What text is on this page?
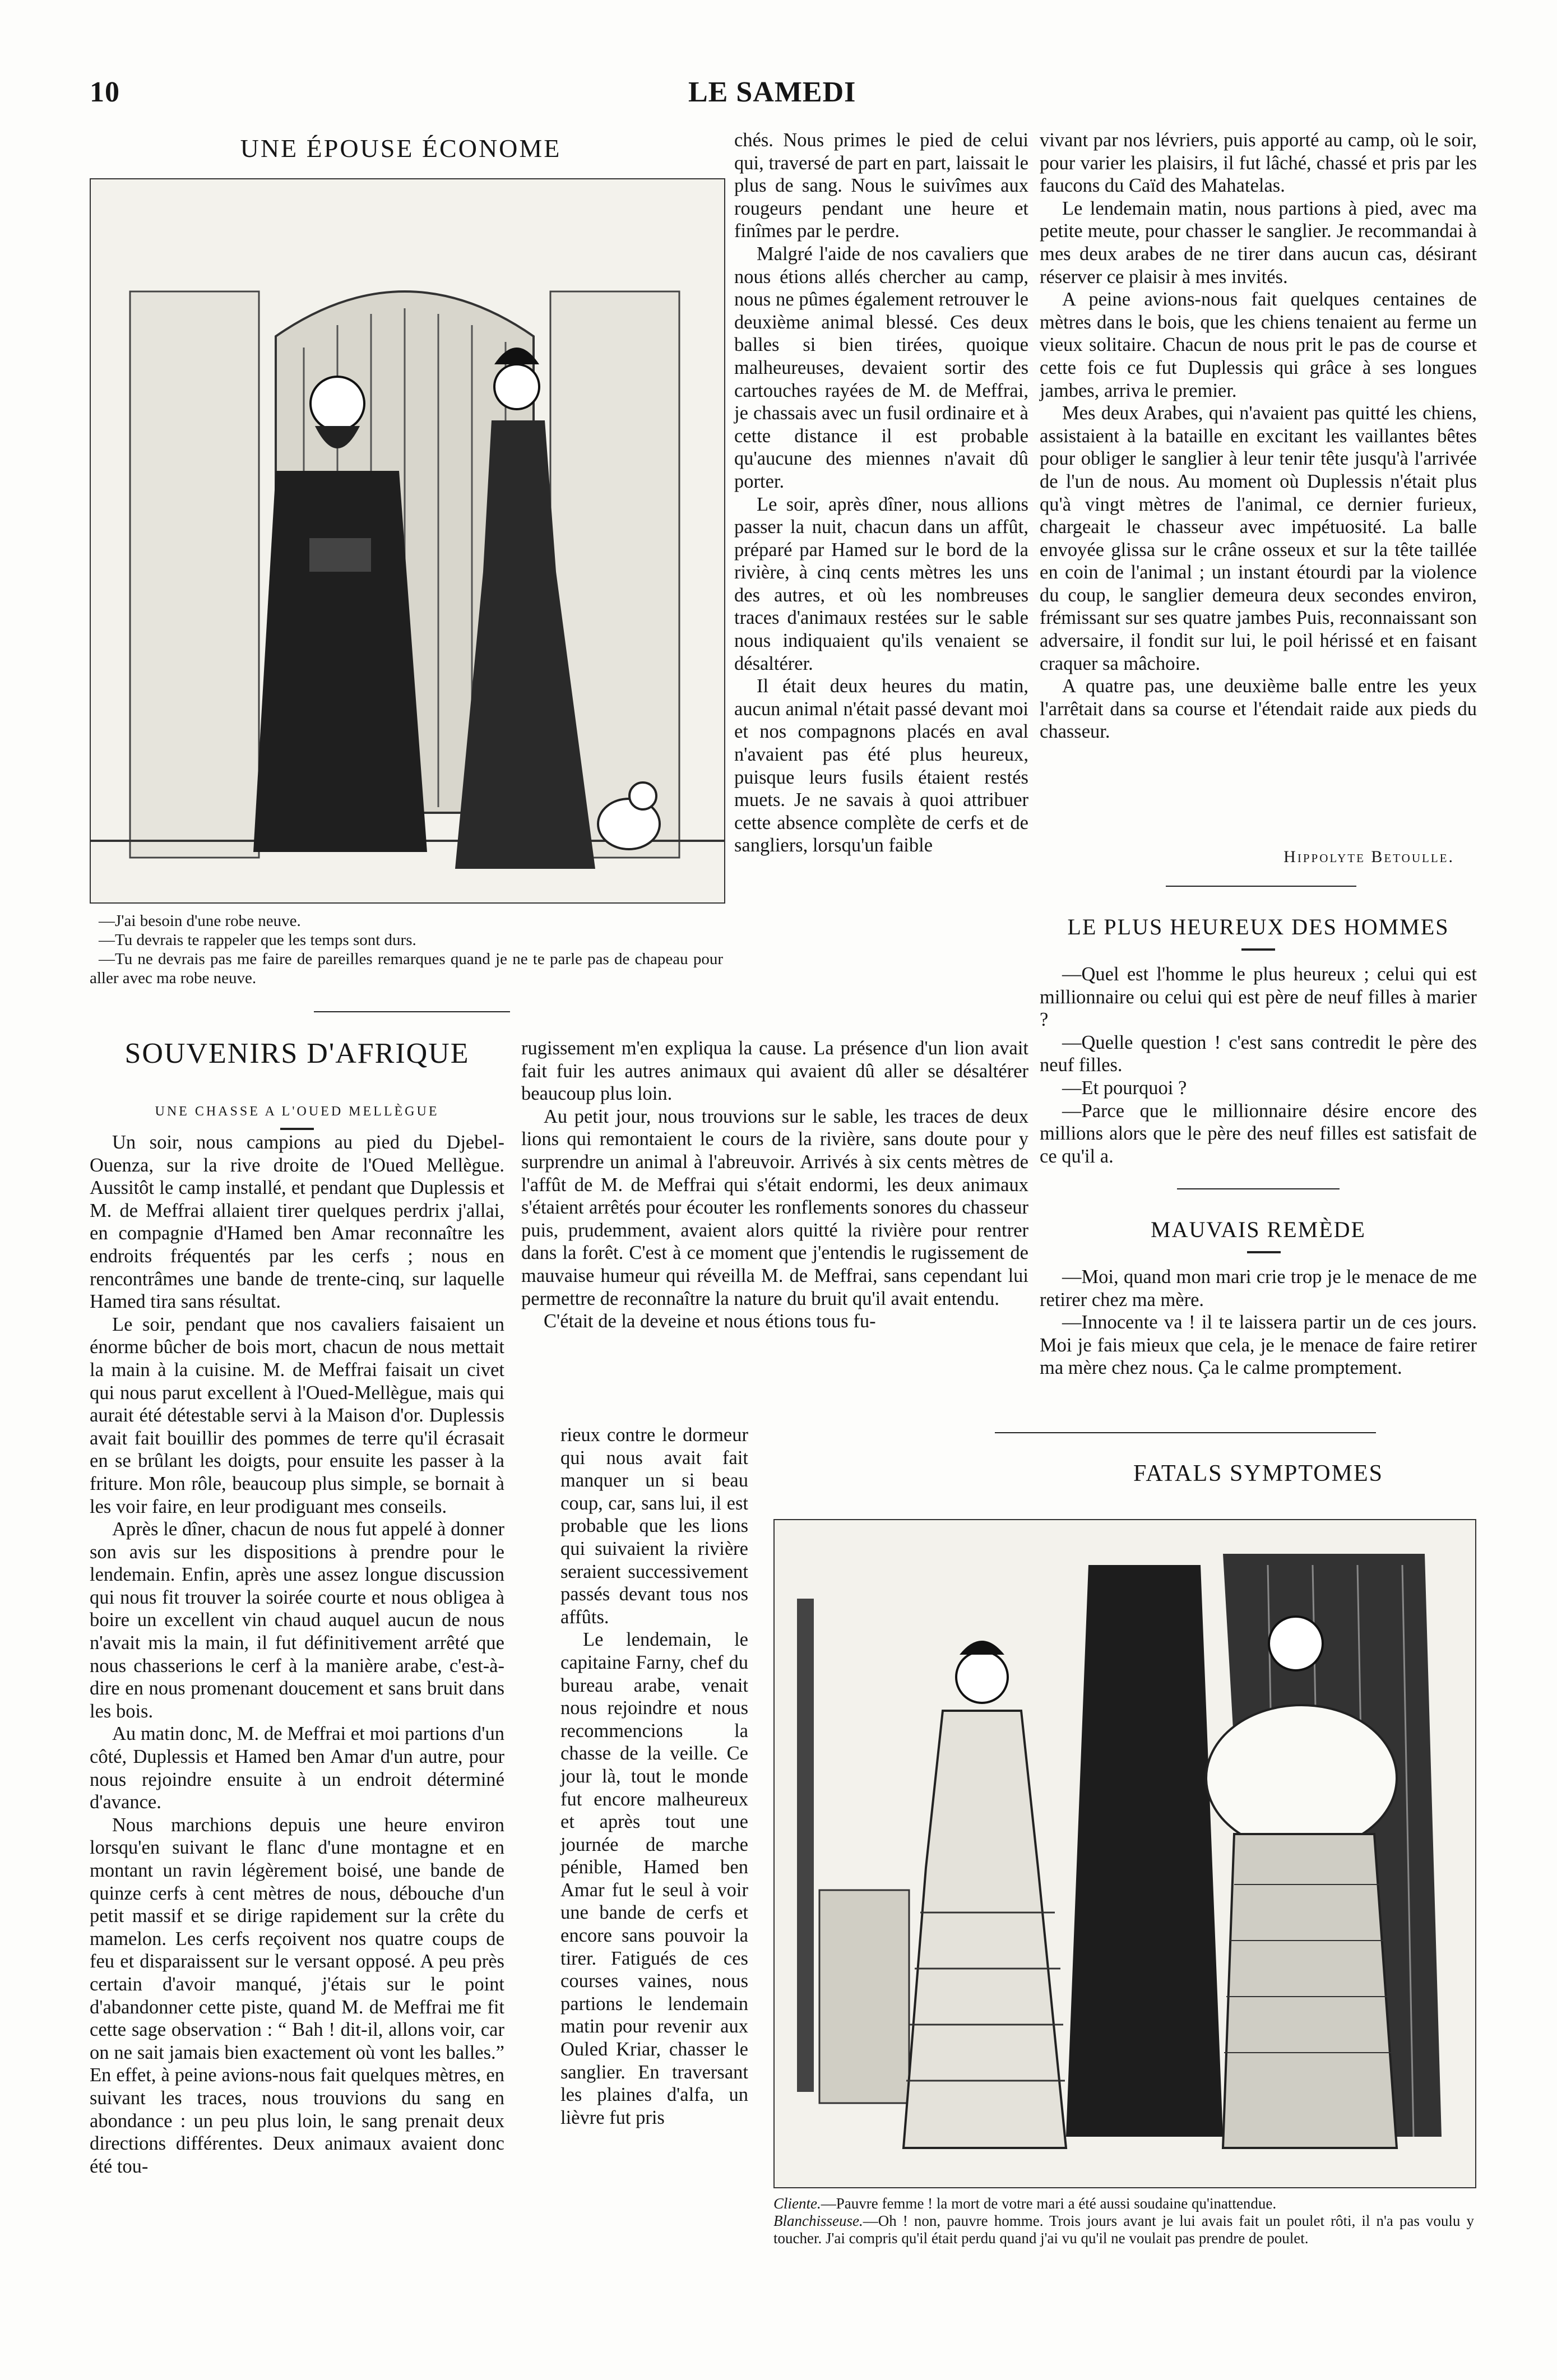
10	LE SAMEDI
UNE ÉPOUSE ÉCONOME

—J'ai besoin d'une robe neuve.

—Tu devrais te rappeler que les temps sont durs.

—Tu ne devrais pas me faire de pareilles remarques quand je ne te parle pas de chapeau pour aller avec ma robe neuve.

SOUVENIRS D'AFRIQUE
UNE CHASSE A L'OUED MELLÈGUE

Un soir, nous campions au pied du Djebel-Ouenza, sur la rive droite de l'Oued Mellègue. Aussitôt le camp installé, et pendant que Duplessis et M. de Meffrai allaient tirer quelques perdrix j'allai, en compagnie d'Hamed ben Amar reconnaître les endroits fréquentés par les cerfs ; nous en rencontrâmes une bande de trente-cinq, sur laquelle Hamed tira sans résultat.

Le soir, pendant que nos cavaliers faisaient un énorme bûcher de bois mort, chacun de nous mettait la main à la cuisine. M. de Meffrai faisait un civet qui nous parut excellent à l'Oued-Mellègue, mais qui aurait été détestable servi à la Maison d'or. Duplessis avait fait bouillir des pommes de terre qu'il écrasait en se brûlant les doigts, pour ensuite les passer à la friture. Mon rôle, beaucoup plus simple, se bornait à les voir faire, en leur prodiguant mes conseils.

Après le dîner, chacun de nous fut appelé à donner son avis sur les dispositions à prendre pour le lendemain. Enfin, après une assez longue discussion qui nous fit trouver la soirée courte et nous obligea à boire un excellent vin chaud auquel aucun de nous n'avait mis la main, il fut définitivement arrêté que nous chasserions le cerf à la manière arabe, c'est-à-dire en nous promenant doucement et sans bruit dans les bois.

Au matin donc, M. de Meffrai et moi partions d'un côté, Duplessis et Hamed ben Amar d'un autre, pour nous rejoindre ensuite à un endroit déterminé d'avance.

Nous marchions depuis une heure environ lorsqu'en suivant le flanc d'une montagne et en montant un ravin légèrement boisé, une bande de quinze cerfs à cent mètres de nous, débouche d'un petit massif et se dirige rapidement sur la crête du mamelon. Les cerfs reçoivent nos quatre coups de feu et disparaissent sur le versant opposé. A peu près certain d'avoir manqué, j'étais sur le point d'abandonner cette piste, quand M. de Meffrai me fit cette sage observation : “ Bah ! dit-il, allons voir, car on ne sait jamais bien exactement où vont les balles.” En effet, à peine avions-nous fait quelques mètres, en suivant les traces, nous trouvions du sang en abondance : un peu plus loin, le sang prenait deux directions différentes. Deux animaux avaient donc été tou-

chés. Nous primes le pied de celui qui, traversé de part en part, laissait le plus de sang. Nous le suivîmes aux rougeurs pendant une heure et finîmes par le perdre.

Malgré l'aide de nos cavaliers que nous étions allés chercher au camp, nous ne pûmes également retrouver le deuxième animal blessé. Ces deux balles si bien tirées, quoique malheureuses, devaient sortir des cartouches rayées de M. de Meffrai, je chassais avec un fusil ordinaire et à cette distance il est probable qu'aucune des miennes n'avait dû porter.

Le soir, après dîner, nous allions passer la nuit, chacun dans un affût, préparé par Hamed sur le bord de la rivière, à cinq cents mètres les uns des autres, et où les nombreuses traces d'animaux restées sur le sable nous indiquaient qu'ils venaient se désaltérer.

Il était deux heures du matin, aucun animal n'était passé devant moi et nos compagnons placés en aval n'avaient pas été plus heureux, puisque leurs fusils étaient restés muets. Je ne savais à quoi attribuer cette absence complète de cerfs et de sangliers, lorsqu'un faible

rugissement m'en expliqua la cause. La présence d'un lion avait fait fuir les autres animaux qui avaient dû aller se désaltérer beaucoup plus loin.

Au petit jour, nous trouvions sur le sable, les traces de deux lions qui remontaient le cours de la rivière, sans doute pour y surprendre un animal à l'abreuvoir. Arrivés à six cents mètres de l'affût de M. de Meffrai qui s'était endormi, les deux animaux s'étaient arrêtés pour écouter les ronflements sonores du chasseur puis, prudemment, avaient alors quitté la rivière pour rentrer dans la forêt. C'est à ce moment que j'entendis le rugissement de mauvaise humeur qui réveilla M. de Meffrai, sans cependant lui permettre de reconnaître la nature du bruit qu'il avait entendu.

C'était de la deveine et nous étions tous fu-

rieux contre le dormeur qui nous avait fait manquer un si beau coup, car, sans lui, il est probable que les lions qui suivaient la rivière seraient successivement passés devant tous nos affûts.

Le lendemain, le capitaine Farny, chef du bureau arabe, venait nous rejoindre et nous recommencions la chasse de la veille. Ce jour là, tout le monde fut encore malheureux et après tout une journée de marche pénible, Hamed ben Amar fut le seul à voir une bande de cerfs et encore sans pouvoir la tirer. Fatigués de ces courses vaines, nous partions le lendemain matin pour revenir aux Ouled Kriar, chasser le sanglier. En traversant les plaines d'alfa, un lièvre fut pris

vivant par nos lévriers, puis apporté au camp, où le soir, pour varier les plaisirs, il fut lâché, chassé et pris par les faucons du Caïd des Mahatelas.

Le lendemain matin, nous partions à pied, avec ma petite meute, pour chasser le sanglier. Je recommandai à mes deux arabes de ne tirer dans aucun cas, désirant réserver ce plaisir à mes invités.

A peine avions-nous fait quelques centaines de mètres dans le bois, que les chiens tenaient au ferme un vieux solitaire. Chacun de nous prit le pas de course et cette fois ce fut Duplessis qui grâce à ses longues jambes, arriva le premier.

Mes deux Arabes, qui n'avaient pas quitté les chiens, assistaient à la bataille en excitant les vaillantes bêtes pour obliger le sanglier à leur tenir tête jusqu'à l'arrivée de l'un de nous. Au moment où Duplessis n'était plus qu'à vingt mètres de l'animal, ce dernier furieux, chargeait le chasseur avec impétuosité. La balle envoyée glissa sur le crâne osseux et sur la tête taillée en coin de l'animal ; un instant étourdi par la violence du coup, le sanglier demeura deux secondes environ, frémissant sur ses quatre jambes Puis, reconnaissant son adversaire, il fondit sur lui, le poil hérissé et en faisant craquer sa mâchoire.

A quatre pas, une deuxième balle entre les yeux l'arrêtait dans sa course et l'étendait raide aux pieds du chasseur.

Hippolyte Betoulle.
LE PLUS HEUREUX DES HOMMES

—Quel est l'homme le plus heureux ; celui qui est millionnaire ou celui qui est père de neuf filles à marier ?

—Quelle question ! c'est sans contredit le père des neuf filles.

—Et pourquoi ?

—Parce que le millionnaire désire encore des millions alors que le père des neuf filles est satisfait de ce qu'il a.

MAUVAIS REMÈDE

—Moi, quand mon mari crie trop je le menace de me retirer chez ma mère.

—Innocente va ! il te laissera partir un de ces jours. Moi je fais mieux que cela, je le menace de faire retirer ma mère chez nous. Ça le calme promptement.

FATALS SYMPTOMES

Cliente.—Pauvre femme ! la mort de votre mari a été aussi soudaine qu'inattendue.

Blanchisseuse.—Oh ! non, pauvre homme. Trois jours avant je lui avais fait un poulet rôti, il n'a pas voulu y toucher. J'ai compris qu'il était perdu quand j'ai vu qu'il ne voulait pas prendre de poulet.
